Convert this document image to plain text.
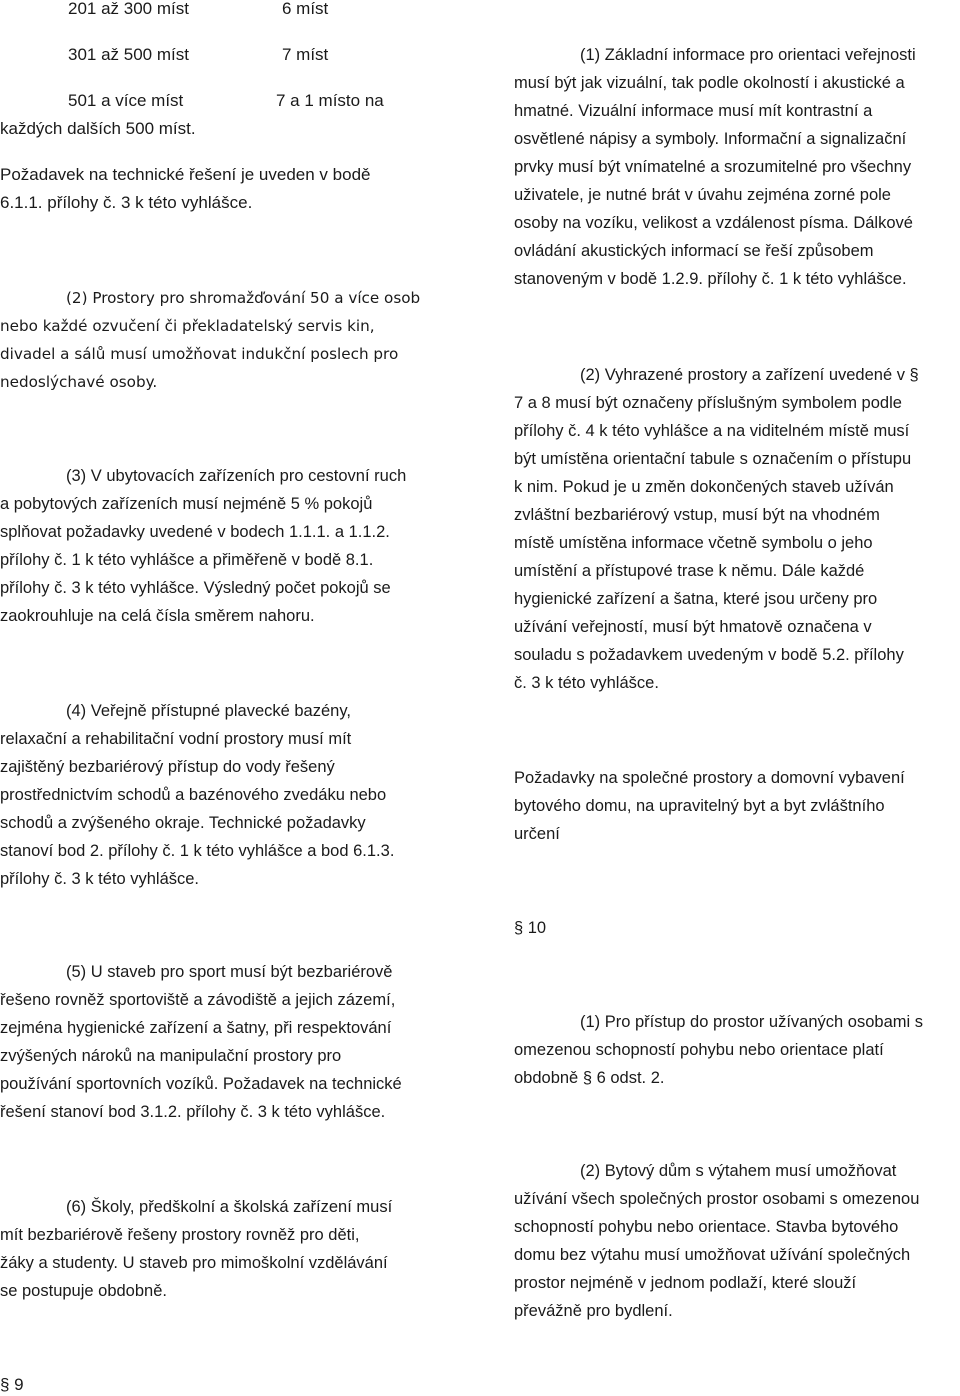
201 až 300 míst	6 míst
301 až 500 míst	7 míst
501 a více míst	7 a 1 místo na
každých dalších 500 míst.
Požadavek na technické řešení je uveden v bodě
6.1.1. přílohy č. 3 k této vyhlášce.
(2) Prostory pro shromažďování 50 a více osob
nebo každé ozvučení či překladatelský servis kin,
divadel a sálů musí umožňovat indukční poslech pro
nedoslýchavé osoby.
(3) V ubytovacích zařízeních pro cestovní ruch
a pobytových zařízeních musí nejméně 5 % pokojů
splňovat požadavky uvedené v bodech 1.1.1. a 1.1.2.
přílohy č. 1 k této vyhlášce a přiměřeně v bodě 8.1.
přílohy č. 3 k této vyhlášce. Výsledný počet pokojů se
zaokrouhluje na celá čísla směrem nahoru.
(4) Veřejně přístupné plavecké bazény,
relaxační a rehabilitační vodní prostory musí mít
zajištěný bezbariérový přístup do vody řešený
prostřednictvím schodů a bazénového zvedáku nebo
schodů a zvýšeného okraje. Technické požadavky
stanoví bod 2. přílohy č. 1 k této vyhlášce a bod 6.1.3.
přílohy č. 3 k této vyhlášce.
(5) U staveb pro sport musí být bezbariérově
řešeno rovněž sportoviště a závodiště a jejich zázemí,
zejména hygienické zařízení a šatny, při respektování
zvýšených nároků na manipulační prostory pro
používání sportovních vozíků. Požadavek na technické
řešení stanoví bod 3.1.2. přílohy č. 3 k této vyhlášce.
(6) Školy, předškolní a školská zařízení musí
mít bezbariérově řešeny prostory rovněž pro děti,
žáky a studenty. U staveb pro mimoškolní vzdělávání
se postupuje obdobně.
§ 9
(1) Základní informace pro orientaci veřejnosti
musí být jak vizuální, tak podle okolností i akustické a
hmatné. Vizuální informace musí mít kontrastní a
osvětlené nápisy a symboly. Informační a signalizační
prvky musí být vnímatelné a srozumitelné pro všechny
uživatele, je nutné brát v úvahu zejména zorné pole
osoby na vozíku, velikost a vzdálenost písma. Dálkové
ovládání akustických informací se řeší způsobem
stanoveným v bodě 1.2.9. přílohy č. 1 k této vyhlášce.
(2) Vyhrazené prostory a zařízení uvedené v §
7 a 8 musí být označeny příslušným symbolem podle
přílohy č. 4 k této vyhlášce a na viditelném místě musí
být umístěna orientační tabule s označením o přístupu
k nim. Pokud je u změn dokončených staveb užíván
zvláštní bezbariérový vstup, musí být na vhodném
místě umístěna informace včetně symbolu o jeho
umístění a přístupové trase k němu. Dále každé
hygienické zařízení a šatna, které jsou určeny pro
užívání veřejností, musí být hmatově označena v
souladu s požadavkem uvedeným v bodě 5.2. přílohy
č. 3 k této vyhlášce.
Požadavky na společné prostory a domovní vybavení
bytového domu, na upravitelný byt a byt zvláštního
určení
§ 10
(1) Pro přístup do prostor užívaných osobami s
omezenou schopností pohybu nebo orientace platí
obdobně § 6 odst. 2.
(2) Bytový dům s výtahem musí umožňovat
užívání všech společných prostor osobami s omezenou
schopností pohybu nebo orientace. Stavba bytového
domu bez výtahu musí umožňovat užívání společných
prostor nejméně v jednom podlaží, které slouží
převážně pro bydlení.
